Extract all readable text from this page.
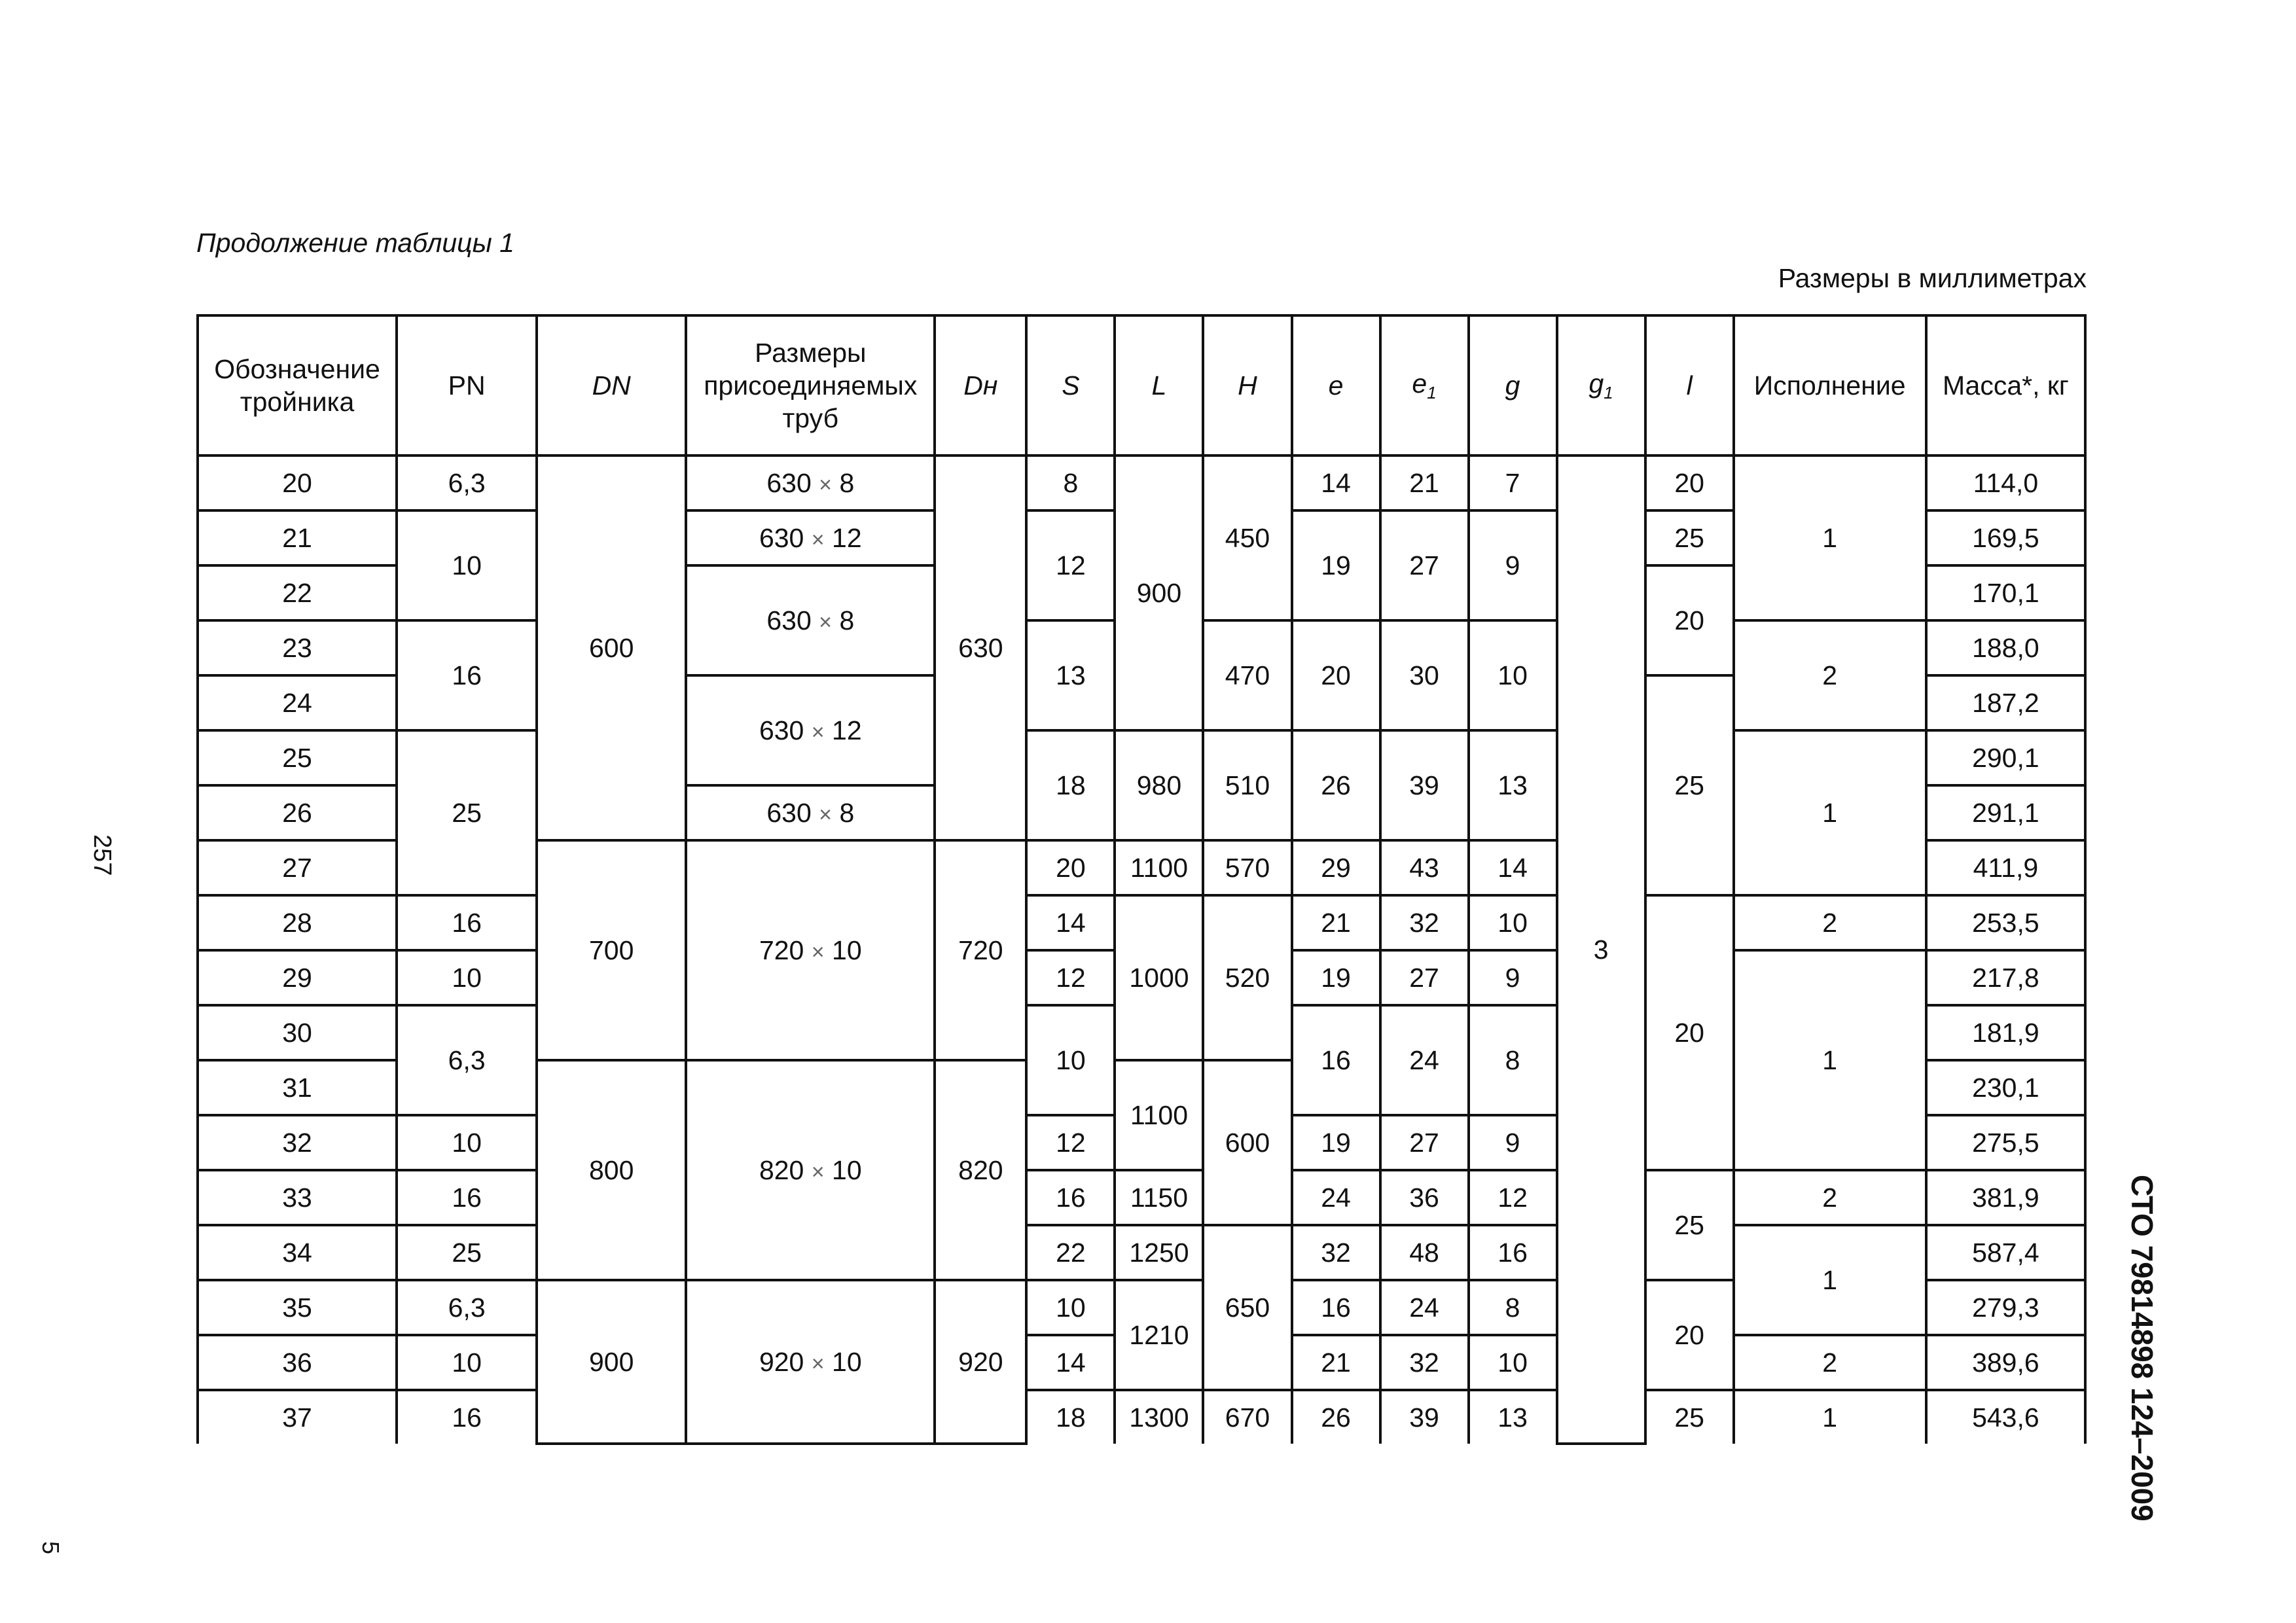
Продолжение таблицы 1
Размеры в миллиметрах
257
5
СТО 79814898 124–2009
Обозначение тройника	PN	DN	Размеры присоединяемых труб	Dн	S	L	H	e	$e_1$	g	$g_1$	l	Исполнение	Масса*, кг
20	6,3	600	630 × 8	630	8	900	450	14	21	7	3	20	1	114,0
21	10		630 × 12		12			19	27	9		25		169,5
22			630 × 8									20		170,1
23	16				13		470	20	30	10			2	188,0
24			630 × 12									25		187,2
25	25				18	980	510	26	39	13			1	290,1
26			630 × 8											291,1
27		700	720 × 10	720	20	1100	570	29	43	14				411,9
28	16				14	1000	520	21	32	10		20	2	253,5
29	10				12			19	27	9			1	217,8
30	6,3				10			16	24	8				181,9
31		800	820 × 10	820		1100	600							230,1
32	10				12			19	27	9				275,5
33	16				16	1150		24	36	12		25	2	381,9
34	25				22	1250	650	32	48	16			1	587,4
35	6,3	900	920 × 10	920	10	1210		16	24	8		20		279,3
36	10				14			21	32	10			2	389,6
37	16				18	1300	670	26	39	13		25	1	543,6
